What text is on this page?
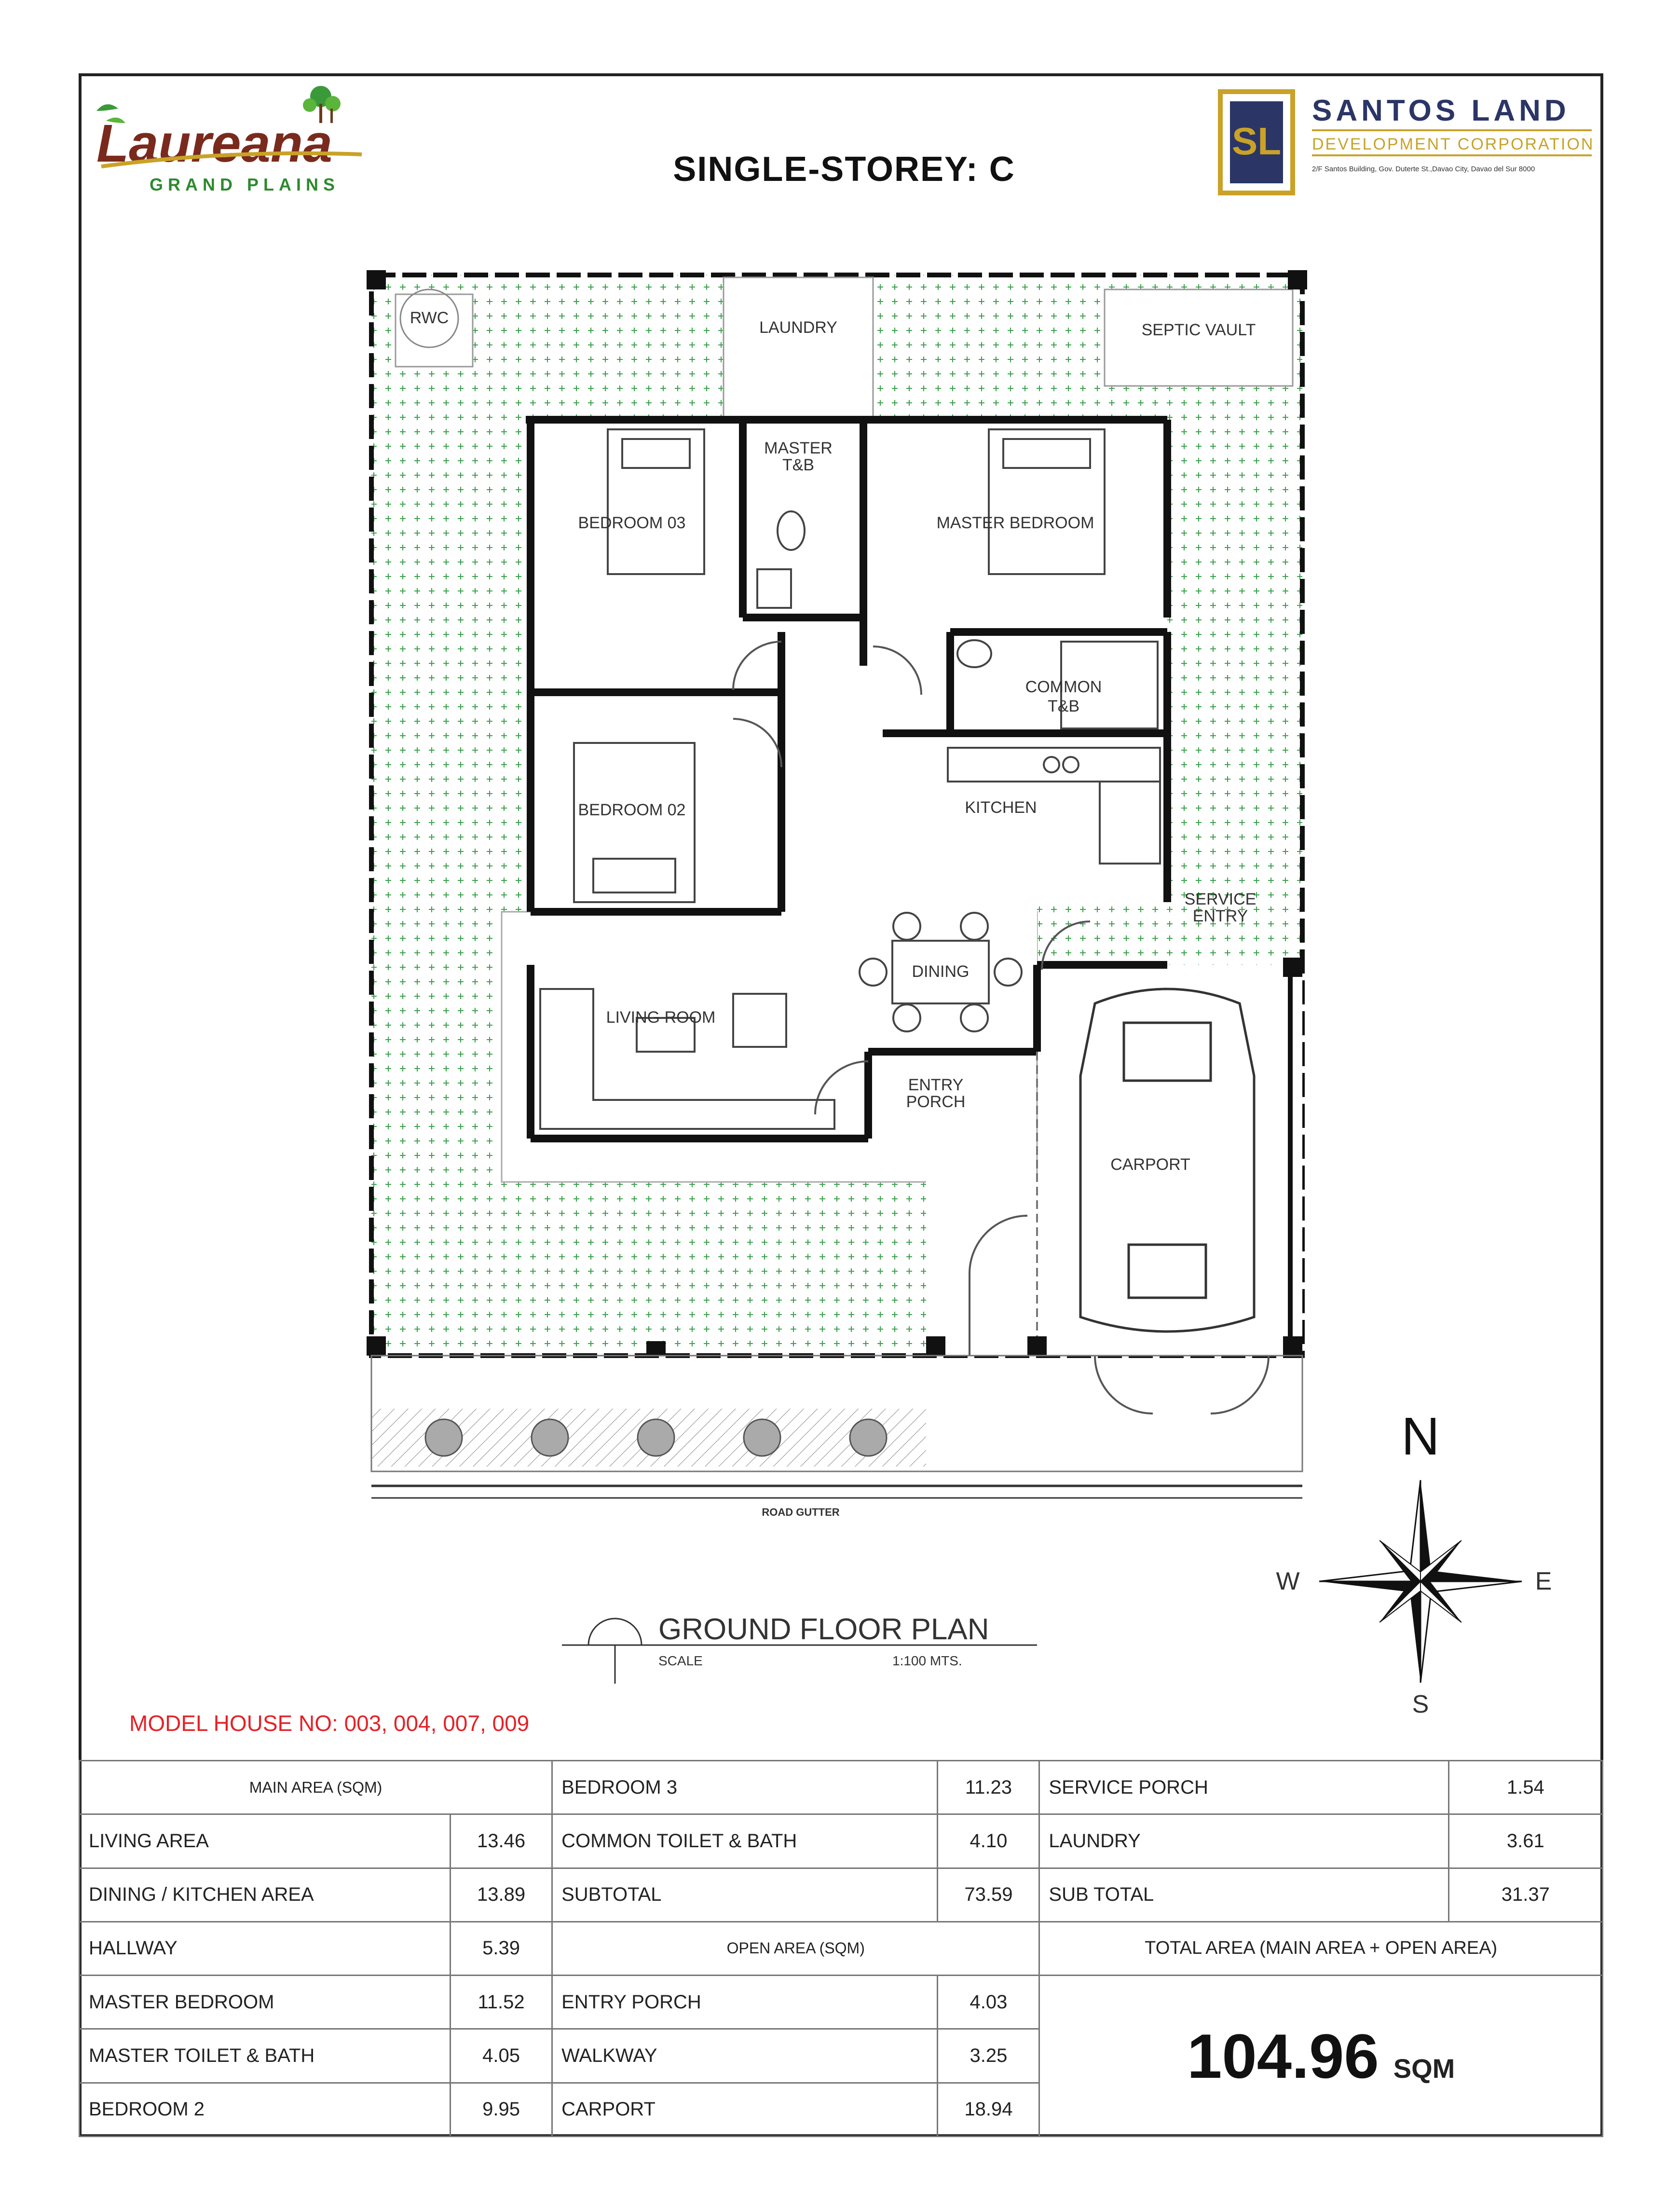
Laureana
GRAND PLAINS
SL
SANTOS LAND
DEVELOPMENT CORPORATION
2/F Santos Building, Gov. Duterte St.,Davao City, Davao del Sur 8000
SINGLE-STOREY: C
RWC
LAUNDRY	SEPTIC VAULT
MASTER
T&B
BEDROOM 03	MASTER BEDROOM
COMMON
T&B
BEDROOM 02	KITCHEN
SERVICE
ENTRY
DINING
LIVING ROOM
ENTRY
PORCH
CARPORT
ROAD GUTTER
N
S
W	E
GROUND FLOOR PLAN
SCALE	1:100 MTS.
MODEL HOUSE NO: 003, 004, 007, 009
MAIN AREA (SQM)		BEDROOM 3	11.23	SERVICE PORCH	1.54
LIVING AREA	13.46	COMMON TOILET & BATH	4.10	LAUNDRY	3.61
DINING / KITCHEN AREA	13.89	SUBTOTAL	73.59	SUB TOTAL	31.37
HALLWAY	5.39	OPEN AREA (SQM)		TOTAL AREA (MAIN AREA + OPEN AREA)	
MASTER BEDROOM	11.52	ENTRY PORCH	4.03	104.96 SQM	
MASTER TOILET & BATH	4.05	WALKWAY	3.25		
BEDROOM 2	9.95	CARPORT	18.94		
